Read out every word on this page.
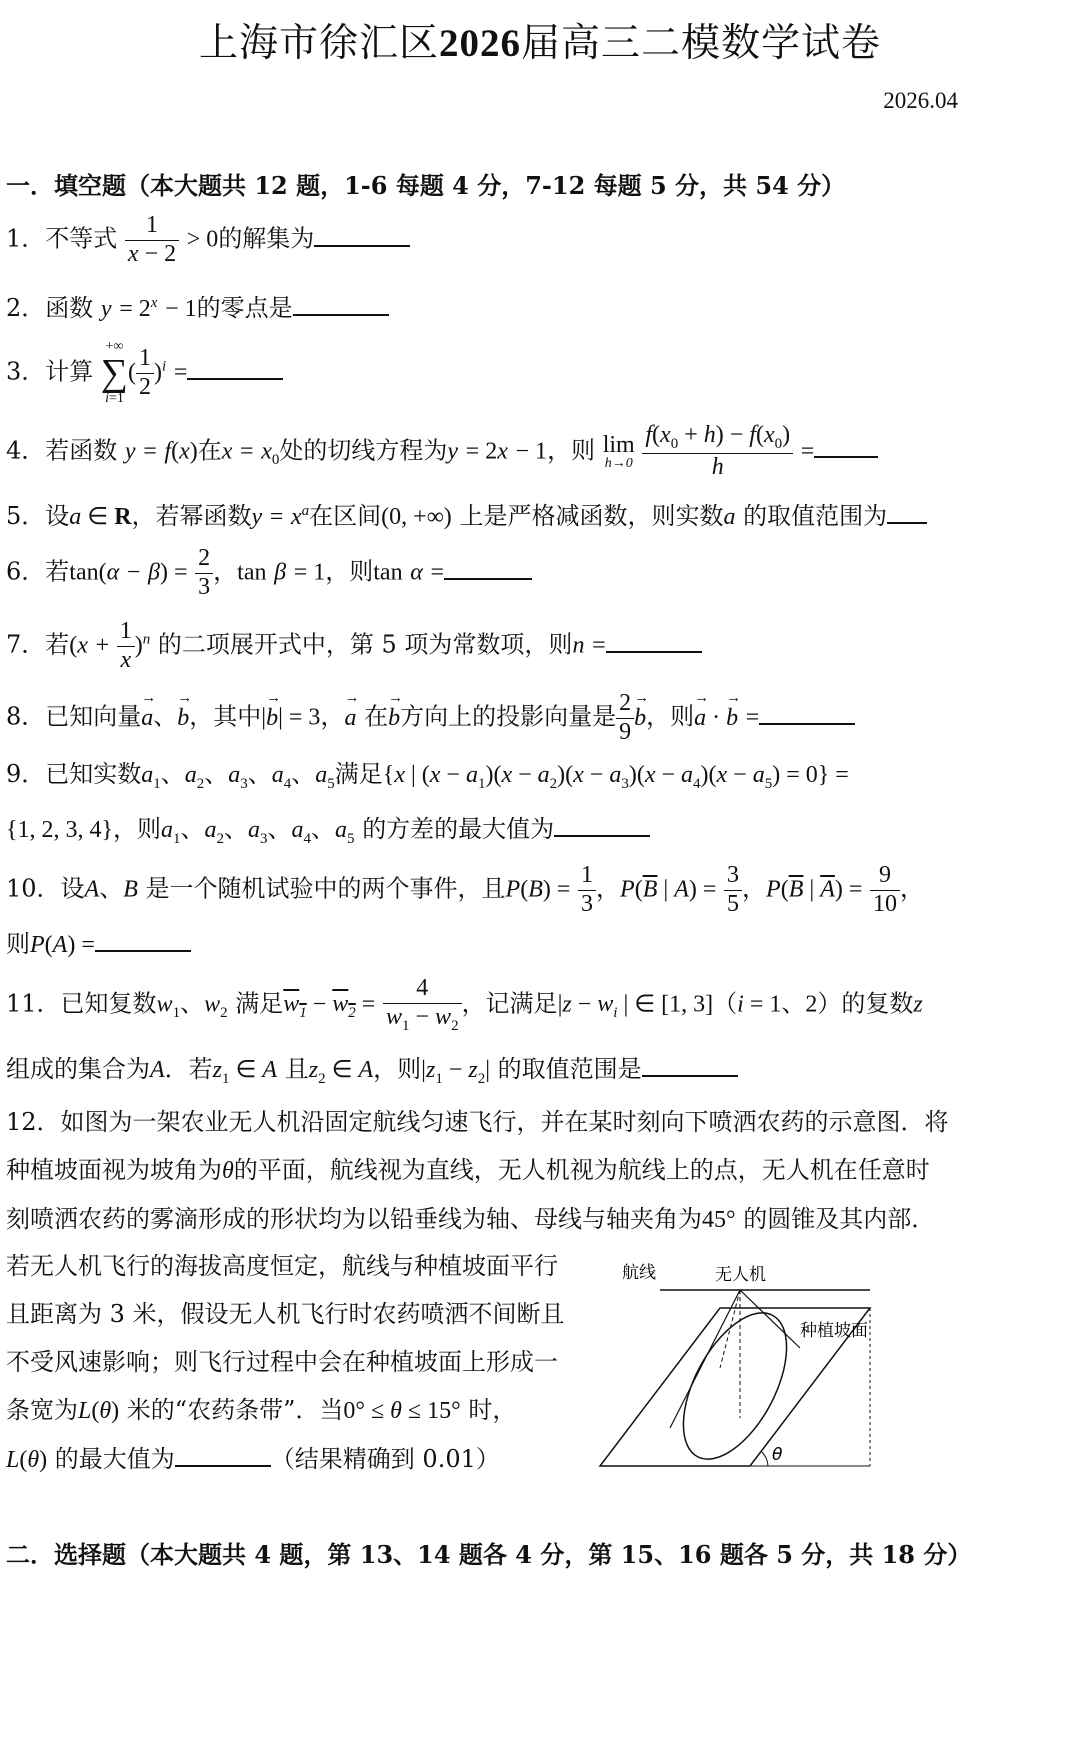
上海市徐汇区2026届高三二模数学试卷
2026.04
一．填空题（本大题共 12 题，1-6 每题 4 分，7-12 每题 5 分，共 54 分）
1．不等式 $\frac{1}{x - 2} > 0$的解集为
2．函数 $y = 2^x - 1$的零点是
3．计算
+∞
∑
i=1
( $\frac{1}{2} )^i$ =
4．若函数 y = f(x)在$x = x_0$处的切线方程为y = 2x − 1，则 lim
h→0
$\frac{f(x_0 + h) - f(x_0)}{h}$ =
5．设a ∈ R，若幂函数$y = x^a$在区间(0, +∞) 上是严格减函数，则实数a 的取值范围为
6．若$\tan(\alpha - \beta) = \frac{2}{3}$ ，tan β = 1，则tan α =
7．若$(x + \frac{1}{x} )^n$ 的二项展开式中，第 5 项为常数项，则n =
8．已知向量→ a、→ b，其中|→ b| = 3，→ a 在→ b方向上的投影向量是 $\frac{2}{9} \to b$，则→ a · → b =
9．已知实数$a_1$、$a_2$、$a_3$、$a_4$、$a_5$满足{x | $(x - a_1)(x - a_2)(x - a_3)(x - a_4)(x - a_5) = 0$} =
{1, 2, 3, 4}，则$a_1$、$a_2$、$a_3$、$a_4$、$a_5$ 的方差的最大值为
10．设A、B 是一个随机试验中的两个事件，且$P(B) = \frac{1}{3}$ ，$P(\overline{B}$ | $A) = \frac{3}{5}$ ，$P(\overline{B}$ | $\overline{A}) = \frac{9}{10}$ ，
则P(A) =
11．已知复数$w_1$、$w_2$ 满足$w_1 - w_2 = \frac{4}{w_1 - w_2}$ ，记满足$|z - w_i$ | ∈ [1, 3]（i = 1、2）的复数z
组成的集合为A．若$z_1$ ∈ A 且$z_2$ ∈ A，则$|z_1 - z_2|$ 的取值范围是
12．如图为一架农业无人机沿固定航线匀速飞行，并在某时刻向下喷洒农药的示意图．将
种植坡面视为坡角为θ的平面，航线视为直线，无人机视为航线上的点，无人机在任意时
刻喷洒农药的雾滴形成的形状均为以铅垂线为轴、母线与轴夹角为45° 的圆锥及其内部．
若无人机飞行的海拔高度恒定，航线与种植坡面平行
且距离为 3 米，假设无人机飞行时农药喷洒不间断且
不受风速影响；则飞行过程中会在种植坡面上形成一
条宽为L(θ) 米的“农药条带”．当0° ≤ θ ≤ 15° 时，
L(θ) 的最大值为	（结果精确到 0.01）
航线	无人机
种植坡面
θ
二．选择题（本大题共 4 题，第 13、14 题各 4 分，第 15、16 题各 5 分，共 18 分）
